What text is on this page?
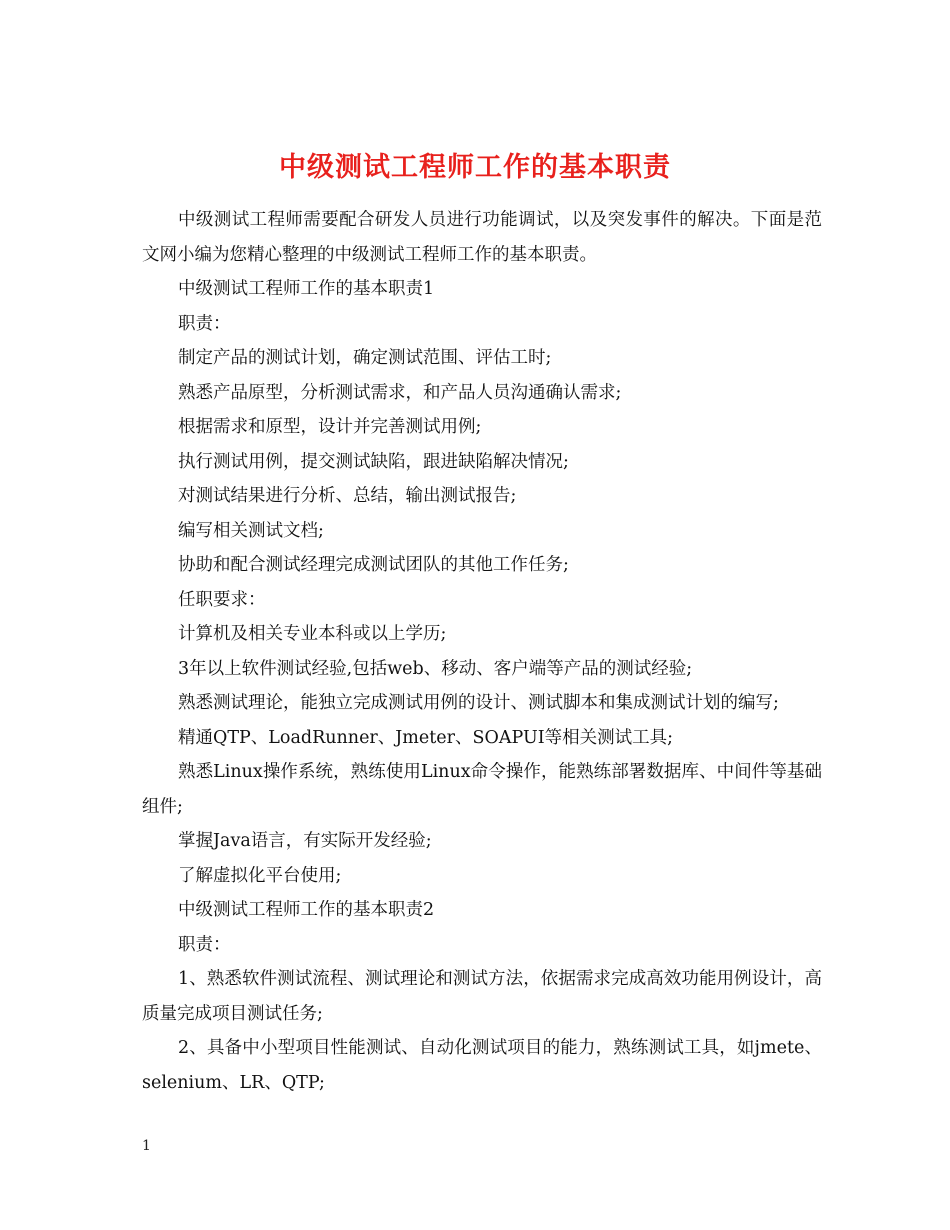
中级测试工程师工作的基本职责

中级测试工程师需要配合研发人员进行功能调试，以及突发事件的解决。下面是范文网小编为您精心整理的中级测试工程师工作的基本职责。

中级测试工程师工作的基本职责1

职责：

制定产品的测试计划，确定测试范围、评估工时;

熟悉产品原型，分析测试需求，和产品人员沟通确认需求;

根据需求和原型，设计并完善测试用例;

执行测试用例，提交测试缺陷，跟进缺陷解决情况;

对测试结果进行分析、总结，输出测试报告;

编写相关测试文档;

协助和配合测试经理完成测试团队的其他工作任务;

任职要求：

计算机及相关专业本科或以上学历;

3年以上软件测试经验,包括web、移动、客户端等产品的测试经验;

熟悉测试理论，能独立完成测试用例的设计、测试脚本和集成测试计划的编写;

精通QTP、LoadRunner、Jmeter、SOAPUI等相关测试工具;

熟悉Linux操作系统，熟练使用Linux命令操作，能熟练部署数据库、中间件等基础组件;

掌握Java语言，有实际开发经验;

了解虚拟化平台使用;

中级测试工程师工作的基本职责2

职责：

1、熟悉软件测试流程、测试理论和测试方法，依据需求完成高效功能用例设计，高质量完成项目测试任务;

2、具备中小型项目性能测试、自动化测试项目的能力，熟练测试工具，如jmete、selenium、LR、QTP;

1
